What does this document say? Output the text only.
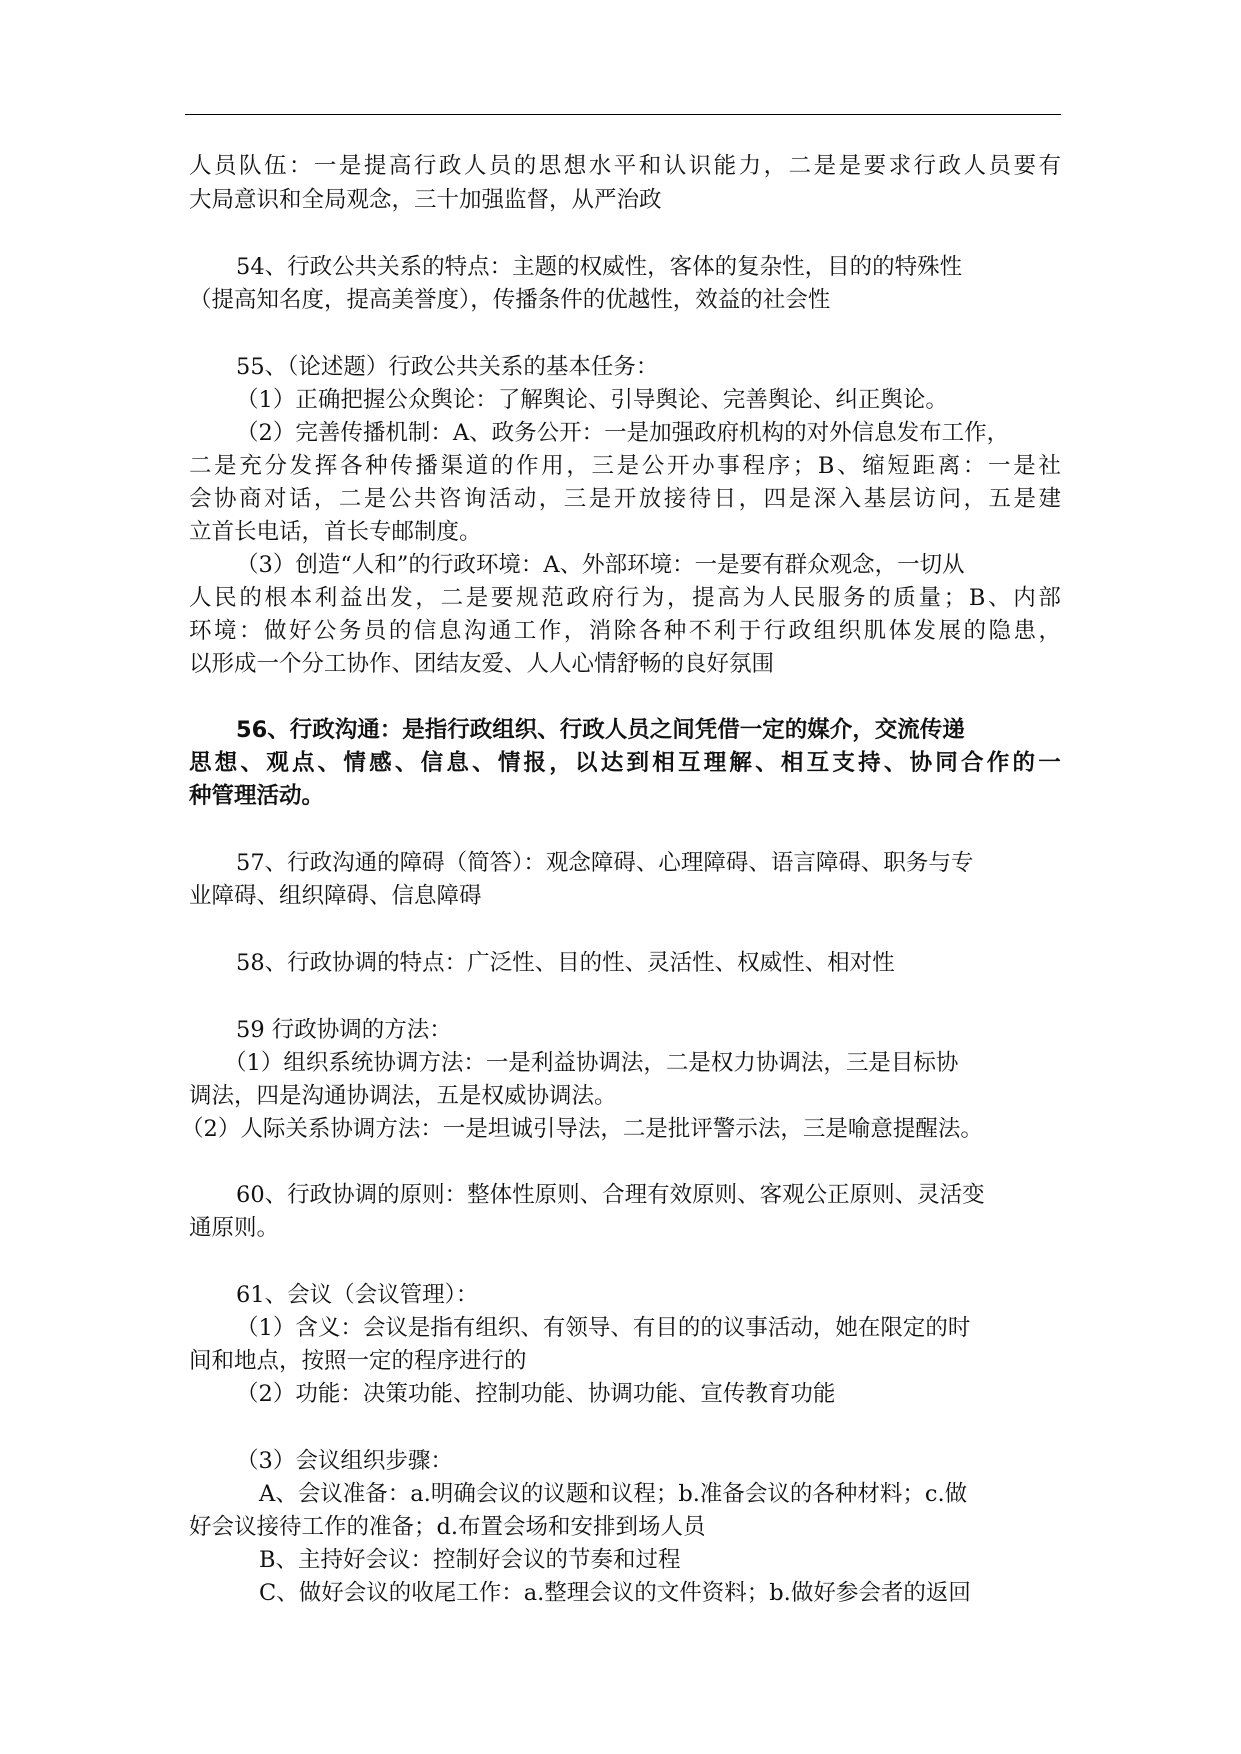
人 员 队 伍 ： 一 是 提 高 行 政 人 员 的 思 想 水 平 和 认 识 能 力 ， 二 是 是 要 求 行 政 人 员 要 有
大局意识和全局观念，三十加强监督，从严治政
54、行政公共关系的特点：主题的权威性，客体的复杂性，目的的特殊性
（提高知名度，提高美誉度），传播条件的优越性，效益的社会性
55、（论述题）行政公共关系的基本任务：
（1）正确把握公众舆论：了解舆论、引导舆论、完善舆论、纠正舆论。
（2）完善传播机制：A、政务公开：一是加强政府机构的对外信息发布工作，
二 是 充 分 发 挥 各 种 传 播 渠 道 的 作 用 ， 三 是 公 开 办 事 程 序 ； B 、 缩 短 距 离 ： 一 是 社
会 协 商 对 话 ， 二 是 公 共 咨 询 活 动 ， 三 是 开 放 接 待 日 ， 四 是 深 入 基 层 访 问 ， 五 是 建
立首长电话，首长专邮制度。
（3）创造“人和”的行政环境：A、外部环境：一是要有群众观念，一切从
人 民 的 根 本 利 益 出 发 ， 二 是 要 规 范 政 府 行 为 ， 提 高 为 人 民 服 务 的 质 量 ； B 、 内 部
环 境 ： 做 好 公 务 员 的 信 息 沟 通 工 作 ， 消 除 各 种 不 利 于 行 政 组 织 肌 体 发 展 的 隐 患 ，
以形成一个分工协作、团结友爱、人人心情舒畅的良好氛围
56、行政沟通：是指行政组织、行政人员之间凭借一定的媒介，交流传递
思 想 、 观 点 、 情 感 、 信 息 、 情 报 ， 以 达 到 相 互 理 解 、 相 互 支 持 、 协 同 合 作 的 一
种管理活动。
57、行政沟通的障碍（简答）：观念障碍、心理障碍、语言障碍、职务与专
业障碍、组织障碍、信息障碍
58、行政协调的特点：广泛性、目的性、灵活性、权威性、相对性
59 行政协调的方法：
（1）组织系统协调方法：一是利益协调法，二是权力协调法，三是目标协
调法，四是沟通协调法，五是权威协调法。
（2）人际关系协调方法：一是坦诚引导法，二是批评警示法，三是喻意提醒法。
60、行政协调的原则：整体性原则、合理有效原则、客观公正原则、灵活变
通原则。
61、会议（会议管理）：
（1）含义：会议是指有组织、有领导、有目的的议事活动，她在限定的时
间和地点，按照一定的程序进行的
（2）功能：决策功能、控制功能、协调功能、宣传教育功能
（3）会议组织步骤：
A、会议准备：a.明确会议的议题和议程；b.准备会议的各种材料；c.做
好会议接待工作的准备；d.布置会场和安排到场人员
B、主持好会议：控制好会议的节奏和过程
C、做好会议的收尾工作：a.整理会议的文件资料；b.做好参会者的返回
